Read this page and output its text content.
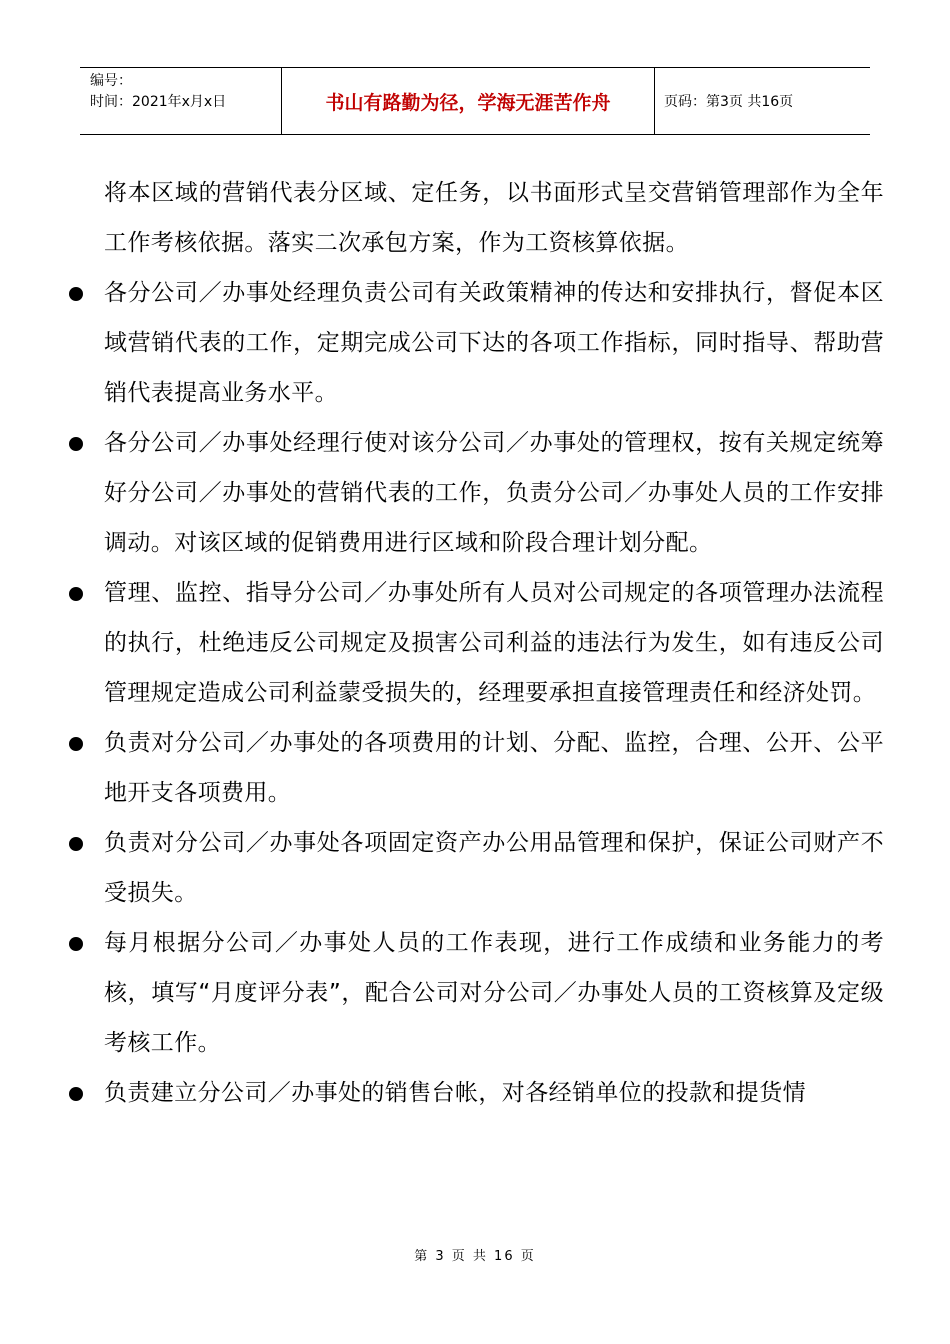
编号：
时间：2021年x月x日	书山有路勤为径，学海无涯苦作舟	页码：第3页 共16页

将本区域的营销代表分区域、定任务，以书面形式呈交营销管理部作为全年工作考核依据。落实二次承包方案，作为工资核算依据。

各分公司／办事处经理负责公司有关政策精神的传达和安排执行，督促本区域营销代表的工作，定期完成公司下达的各项工作指标，同时指导、帮助营销代表提高业务水平。

各分公司／办事处经理行使对该分公司／办事处的管理权，按有关规定统筹好分公司／办事处的营销代表的工作，负责分公司／办事处人员的工作安排调动。对该区域的促销费用进行区域和阶段合理计划分配。

管理、监控、指导分公司／办事处所有人员对公司规定的各项管理办法流程的执行，杜绝违反公司规定及损害公司利益的违法行为发生，如有违反公司管理规定造成公司利益蒙受损失的，经理要承担直接管理责任和经济处罚。

负责对分公司／办事处的各项费用的计划、分配、监控，合理、公开、公平地开支各项费用。

负责对分公司／办事处各项固定资产办公用品管理和保护，保证公司财产不受损失。

每月根据分公司／办事处人员的工作表现，进行工作成绩和业务能力的考核，填写“月度评分表”，配合公司对分公司／办事处人员的工资核算及定级考核工作。

负责建立分公司／办事处的销售台帐，对各经销单位的投款和提货情

第 3 页 共 16 页
